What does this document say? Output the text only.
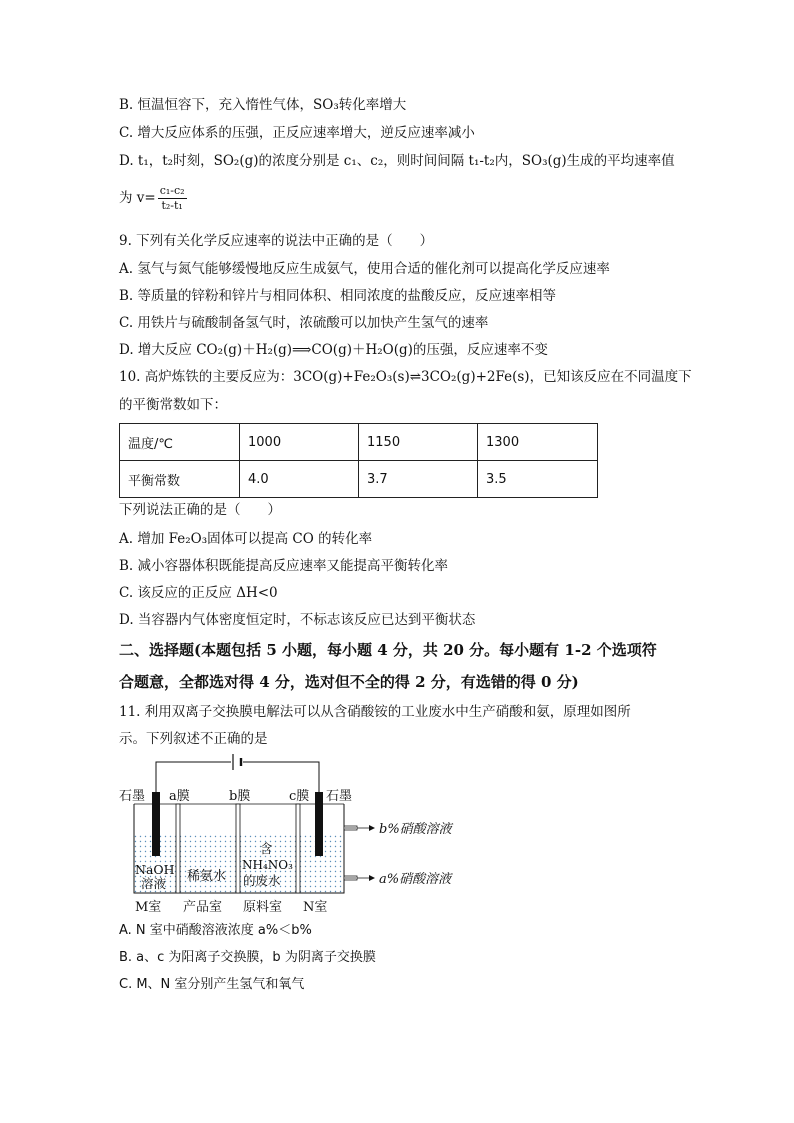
B. 恒温恒容下，充入惰性气体，SO₃转化率增大
C. 增大反应体系的压强，正反应速率增大，逆反应速率减小
D. t₁，t₂时刻，SO₂(g)的浓度分别是 c₁、c₂，则时间间隔 t₁-t₂内，SO₃(g)生成的平均速率值
为 $v= \frac{\text{c₁-c₂}}{\text{t₂-t₁}}$
9. 下列有关化学反应速率的说法中正确的是（　　）
A. 氢气与氮气能够缓慢地反应生成氨气，使用合适的催化剂可以提高化学反应速率
B. 等质量的锌粉和锌片与相同体积、相同浓度的盐酸反应，反应速率相等
C. 用铁片与硫酸制备氢气时，浓硫酸可以加快产生氢气的速率
D. 增大反应 CO₂(g)＋H₂(g)⟹CO(g)＋H₂O(g)的压强，反应速率不变
10. 高炉炼铁的主要反应为：3CO(g)+Fe₂O₃(s)⇌3CO₂(g)+2Fe(s)，已知该反应在不同温度下
的平衡常数如下：
温度/℃	1000	1150	1300
平衡常数	4.0	3.7	3.5
下列说法正确的是（　　）
A. 增加 Fe₂O₃固体可以提高 CO 的转化率
B. 减小容器体积既能提高反应速率又能提高平衡转化率
C. 该反应的正反应 ΔH<0
D. 当容器内气体密度恒定时，不标志该反应已达到平衡状态
二、选择题(本题包括 5 小题，每小题 4 分，共 20 分。每小题有 1-2 个选项符
合题意，全都选对得 4 分，选对但不全的得 2 分，有选错的得 0 分)
11. 利用双离子交换膜电解法可以从含硝酸铵的工业废水中生产硝酸和氨，原理如图所
示。下列叙述不正确的是
石墨 a膜	b膜	c膜 石墨
b%硝酸溶液
a%硝酸溶液
NaOH
溶液 稀氨水
含
NH₄NO₃
的废水
M室 产品室 原料室 N室
A. N 室中硝酸溶液浓度 a%＜b%
B. a、c 为阳离子交换膜，b 为阴离子交换膜
C. M、N 室分别产生氢气和氧气
